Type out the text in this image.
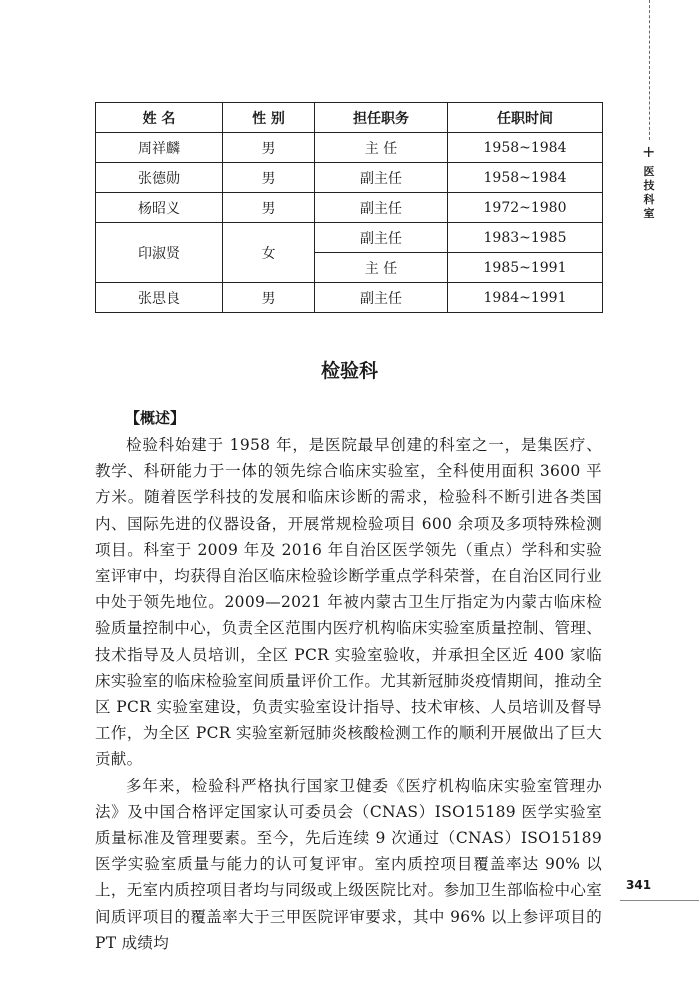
+
医技科室
姓 名	性 别	担任职务	任职时间
周祥麟	男	主 任	1958~1984
张德勋	男	副主任	1958~1984
杨昭义	男	副主任	1972~1980
印淑贤	女	副主任	1983~1985
		主 任	1985~1991
张思良	男	副主任	1984~1991
检验科
【概述】

检验科始建于 1958 年，是医院最早创建的科室之一，是集医疗、教学、科研能力于一体的领先综合临床实验室，全科使用面积 3600 平方米。随着医学科技的发展和临床诊断的需求，检验科不断引进各类国内、国际先进的仪器设备，开展常规检验项目 600 余项及多项特殊检测项目。科室于 2009 年及 2016 年自治区医学领先（重点）学科和实验室评审中，均获得自治区临床检验诊断学重点学科荣誉，在自治区同行业中处于领先地位。2009—2021 年被内蒙古卫生厅指定为内蒙古临床检验质量控制中心，负责全区范围内医疗机构临床实验室质量控制、管理、技术指导及人员培训，全区 PCR 实验室验收，并承担全区近 400 家临床实验室的临床检验室间质量评价工作。尤其新冠肺炎疫情期间，推动全区 PCR 实验室建设，负责实验室设计指导、技术审核、人员培训及督导工作，为全区 PCR 实验室新冠肺炎核酸检测工作的顺利开展做出了巨大贡献。

多年来，检验科严格执行国家卫健委《医疗机构临床实验室管理办法》及中国合格评定国家认可委员会（CNAS）ISO15189 医学实验室质量标准及管理要素。至今，先后连续 9 次通过（CNAS）ISO15189 医学实验室质量与能力的认可复评审。室内质控项目覆盖率达 90% 以上，无室内质控项目者均与同级或上级医院比对。参加卫生部临检中心室间质评项目的覆盖率大于三甲医院评审要求，其中 96% 以上参评项目的 PT 成绩均

341
